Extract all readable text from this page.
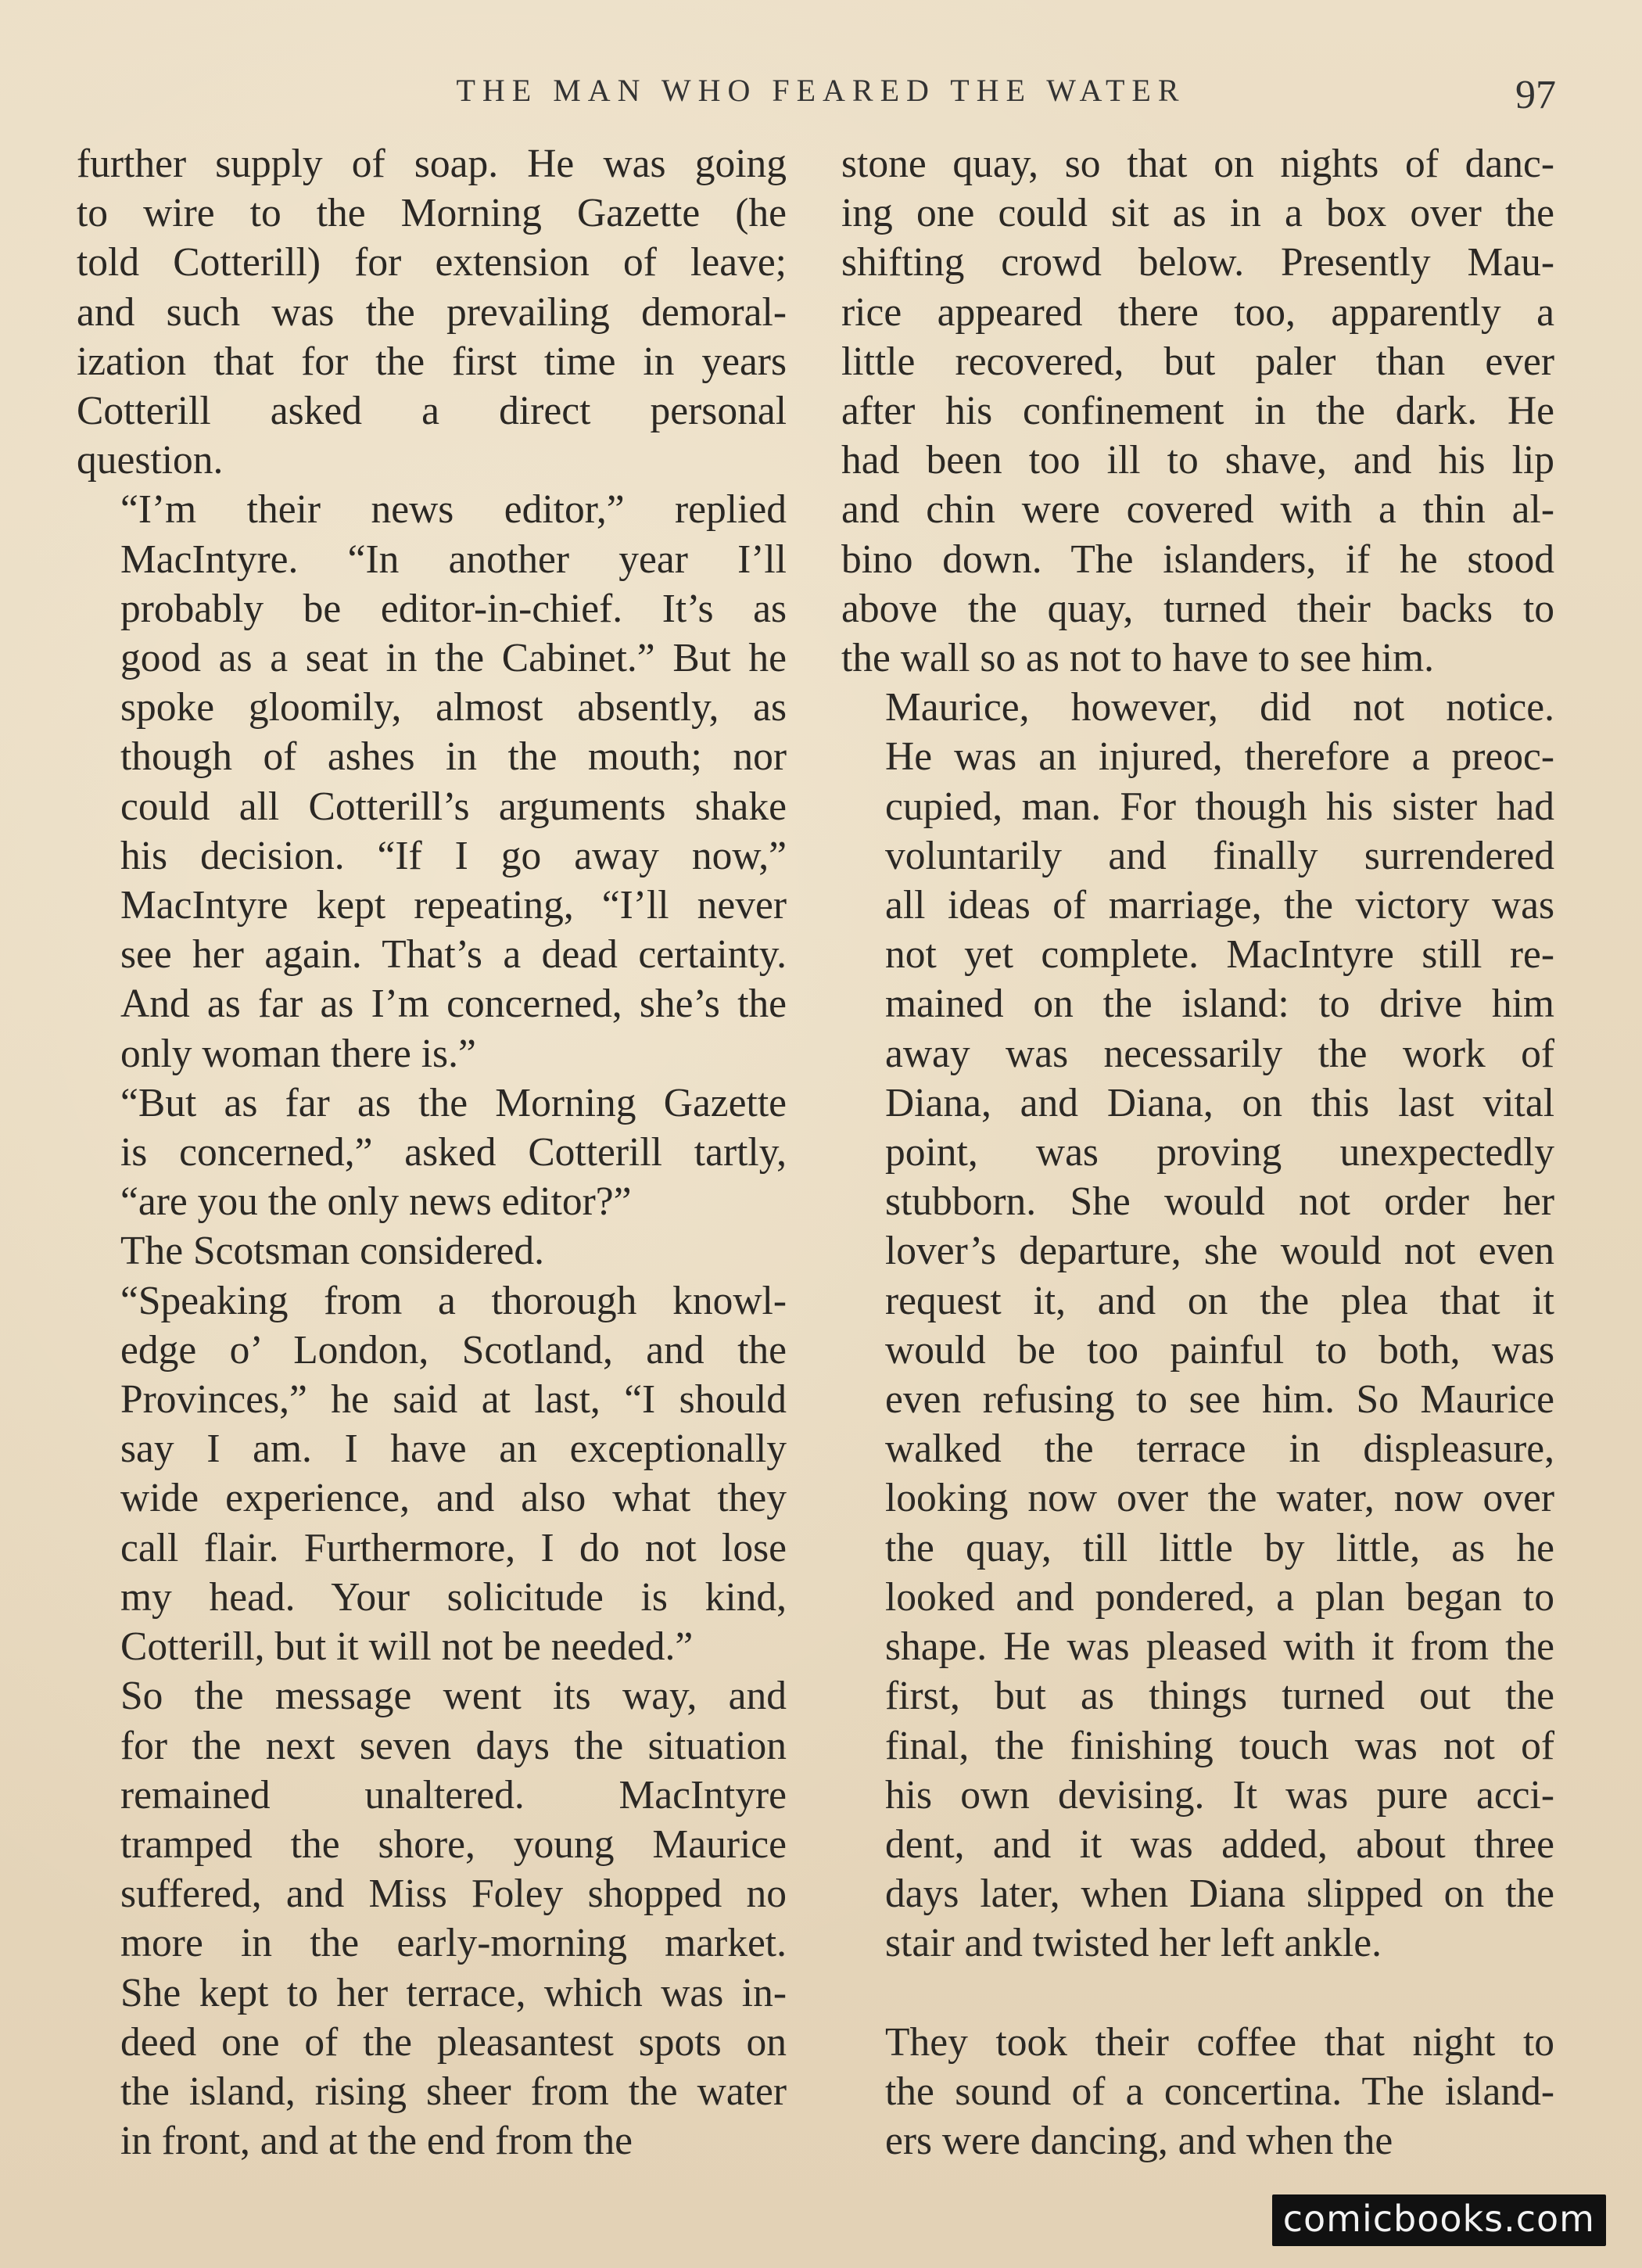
THE MAN WHO FEARED THE WATER	97

further supply of soap. He was going
to wire to the Morning Gazette (he
told Cotterill) for extension of leave;
and such was the prevailing demoral-
ization that for the first time in years
Cotterill asked a direct personal
question.

“I’m their news editor,” replied
MacIntyre. “In another year I’ll
probably be editor-in-chief. It’s as
good as a seat in the Cabinet.” But he
spoke gloomily, almost absently, as
though of ashes in the mouth; nor
could all Cotterill’s arguments shake
his decision. “If I go away now,”
MacIntyre kept repeating, “I’ll never
see her again. That’s a dead certainty.
And as far as I’m concerned, she’s the
only woman there is.”

“But as far as the Morning Gazette
is concerned,” asked Cotterill tartly,
“are you the only news editor?”

The Scotsman considered.

“Speaking from a thorough knowl-
edge o’ London, Scotland, and the
Provinces,” he said at last, “I should
say I am. I have an exceptionally
wide experience, and also what they
call flair. Furthermore, I do not lose
my head. Your solicitude is kind,
Cotterill, but it will not be needed.”

So the message went its way, and
for the next seven days the situation
remained unaltered. MacIntyre
tramped the shore, young Maurice
suffered, and Miss Foley shopped no
more in the early-morning market.
She kept to her terrace, which was in-
deed one of the pleasantest spots on
the island, rising sheer from the water
in front, and at the end from the

stone quay, so that on nights of danc-
ing one could sit as in a box over the
shifting crowd below. Presently Mau-
rice appeared there too, apparently a
little recovered, but paler than ever
after his confinement in the dark. He
had been too ill to shave, and his lip
and chin were covered with a thin al-
bino down. The islanders, if he stood
above the quay, turned their backs to
the wall so as not to have to see him.

Maurice, however, did not notice.
He was an injured, therefore a preoc-
cupied, man. For though his sister had
voluntarily and finally surrendered
all ideas of marriage, the victory was
not yet complete. MacIntyre still re-
mained on the island: to drive him
away was necessarily the work of
Diana, and Diana, on this last vital
point, was proving unexpectedly
stubborn. She would not order her
lover’s departure, she would not even
request it, and on the plea that it
would be too painful to both, was
even refusing to see him. So Maurice
walked the terrace in displeasure,
looking now over the water, now over
the quay, till little by little, as he
looked and pondered, a plan began to
shape. He was pleased with it from the
first, but as things turned out the
final, the finishing touch was not of
his own devising. It was pure acci-
dent, and it was added, about three
days later, when Diana slipped on the
stair and twisted her left ankle.

They took their coffee that night to
the sound of a concertina. The island-
ers were dancing, and when the

comicbooks.com
